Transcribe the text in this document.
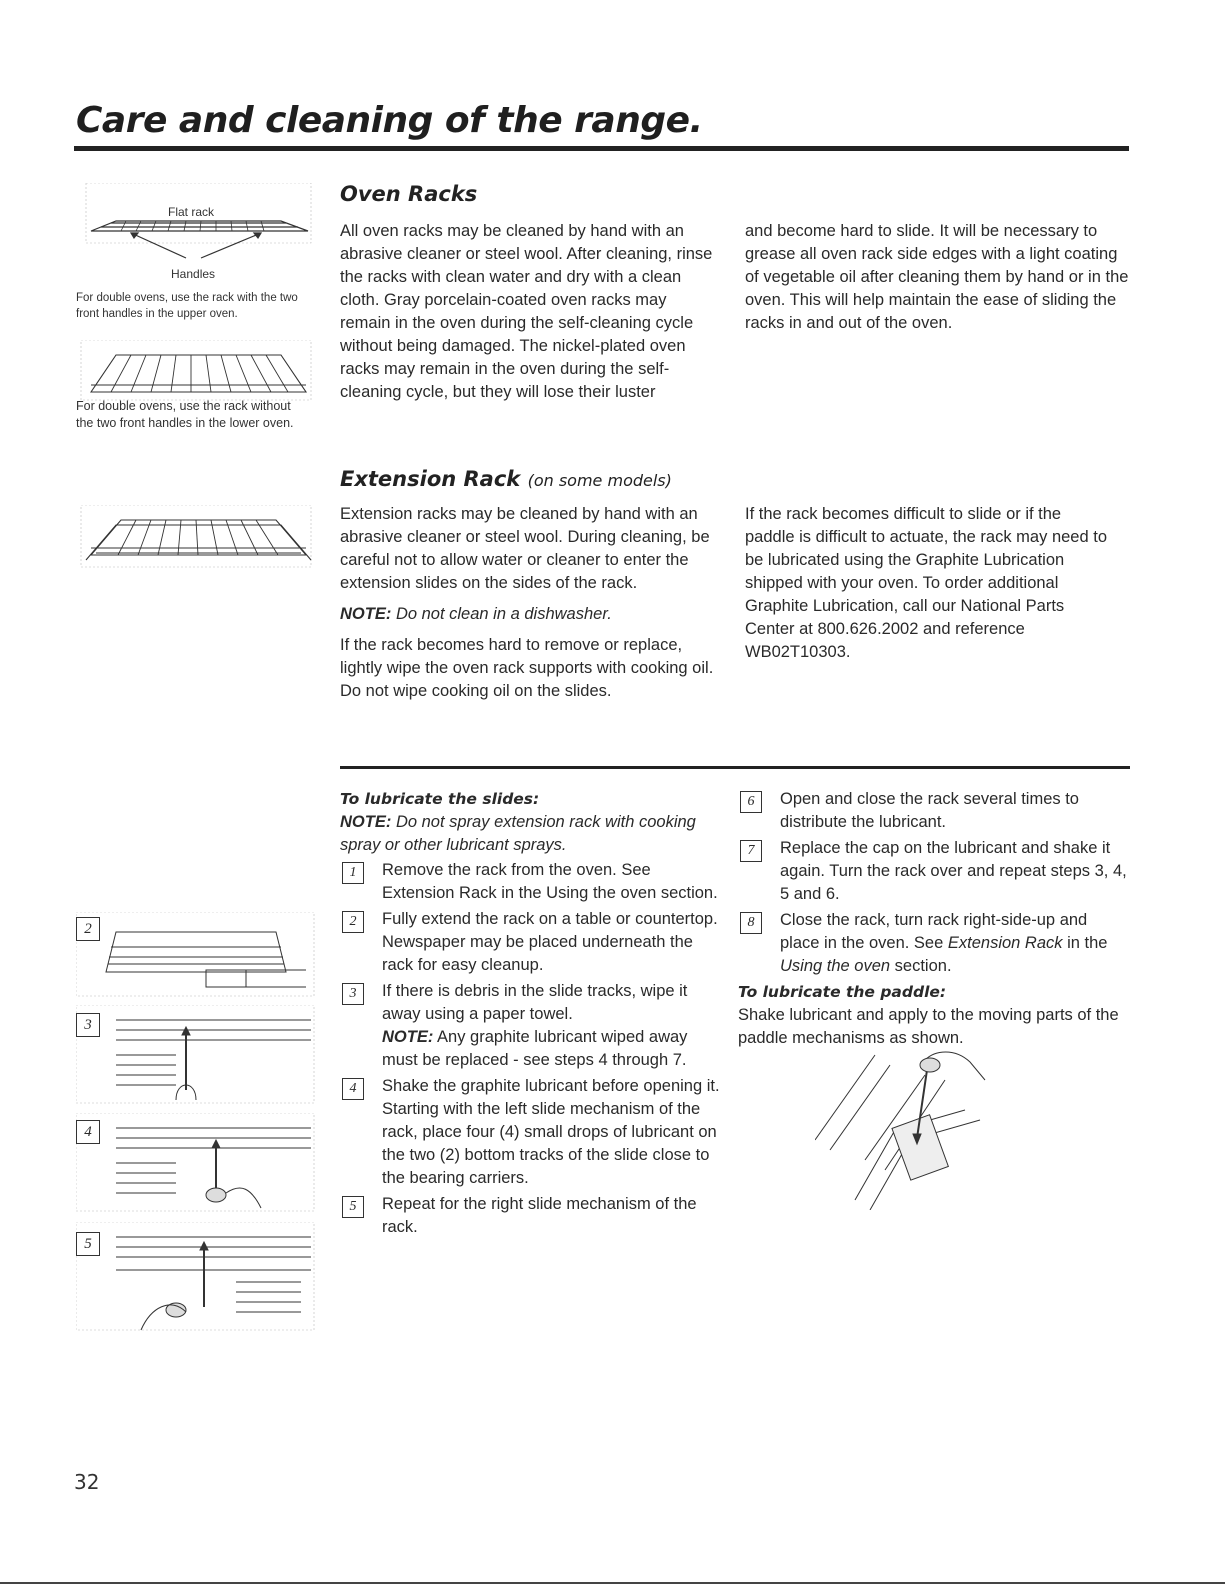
Care and cleaning of the range.
Flat rack
Handles
For double ovens, use the rack with the two front handles in the upper oven.
For double ovens, use the rack without the two front handles in the lower oven.
Oven Racks
All oven racks may be cleaned by hand with an abrasive cleaner or steel wool. After cleaning, rinse the racks with clean water and dry with a clean cloth. Gray porcelain-coated oven racks may remain in the oven during the self-cleaning cycle without being damaged. The nickel-plated oven racks may remain in the oven during the self-cleaning cycle, but they will lose their luster
and become hard to slide. It will be necessary to grease all oven rack side edges with a light coating of vegetable oil after cleaning them by hand or in the oven. This will help maintain the ease of sliding the racks in and out of the oven.
Extension Rack (on some models)

Extension racks may be cleaned by hand with an abrasive cleaner or steel wool. During cleaning, be careful not to allow water or cleaner to enter the extension slides on the sides of the rack.

NOTE: Do not clean in a dishwasher.

If the rack becomes hard to remove or replace, lightly wipe the oven rack supports with cooking oil. Do not wipe cooking oil on the slides.

If the rack becomes difficult to slide or if the paddle is difficult to actuate, the rack may need to be lubricated using the Graphite Lubrication shipped with your oven. To order additional Graphite Lubrication, call our National Parts Center at 800.626.2002 and reference WB02T10303.

To lubricate the slides:

NOTE: Do not spray extension rack with cooking spray or other lubricant sprays.

1	Remove the rack from the oven. See Extension Rack in the Using the oven section.
2	Fully extend the rack on a table or countertop. Newspaper may be placed underneath the rack for easy cleanup.
3	If there is debris in the slide tracks, wipe it away using a paper towel.
NOTE: Any graphite lubricant wiped away must be replaced - see steps 4 through 7.
4	Shake the graphite lubricant before opening it. Starting with the left slide mechanism of the rack, place four (4) small drops of lubricant on the two (2) bottom tracks of the slide close to the bearing carriers.
5	Repeat for the right slide mechanism of the rack.
6	Open and close the rack several times to distribute the lubricant.
7	Replace the cap on the lubricant and shake it again. Turn the rack over and repeat steps 3, 4, 5 and 6.
8	Close the rack, turn rack right-side-up and place in the oven. See Extension Rack in the Using the oven section.

To lubricate the paddle:

Shake lubricant and apply to the moving parts of the paddle mechanisms as shown.

2
3
4
5
32
